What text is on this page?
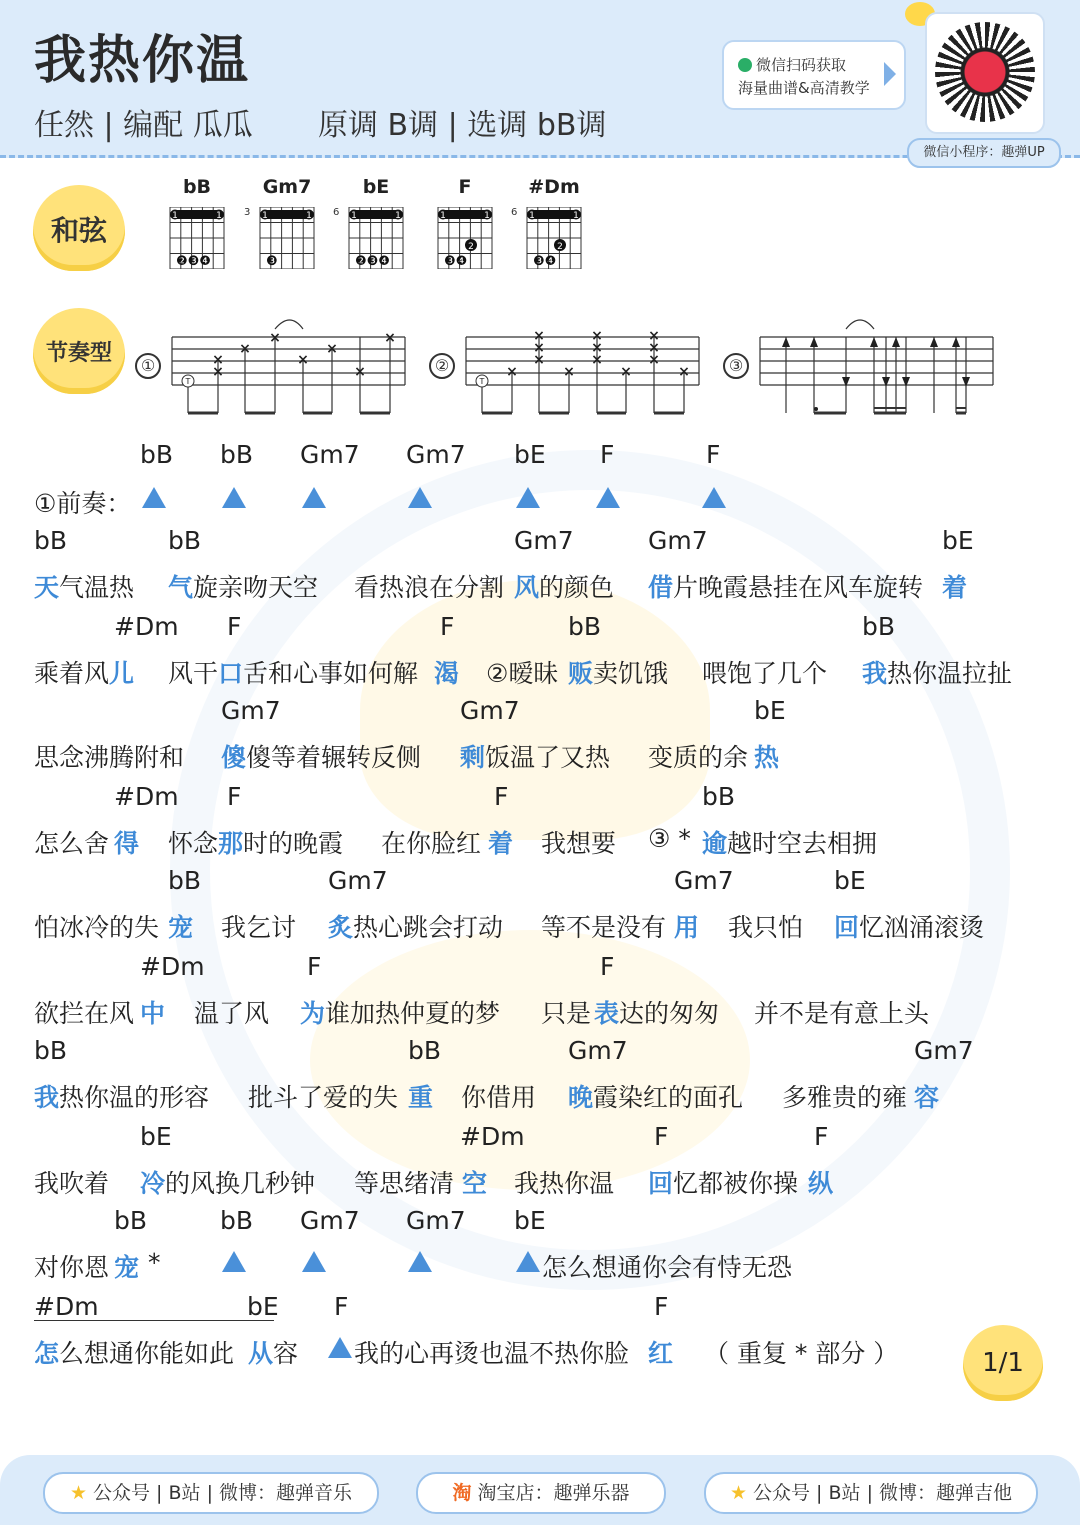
我热你温
任然 | 编配 瓜瓜 原调 B调 | 选调 bB调
微信扫码获取
海量曲谱&高清教学
微信小程序：趣弹UP
和弦
bB
1	1
❷❸❹
Gm7
3 1	1
❸
bE
6 1	1
❷❸❹
F
1	1
2
❸❹
#Dm
6 1	1
2
❸❹
节奏型	①	②	③
×
×
×
×
×
×
×	×	×
×
×
×
×
×
×
×
×
×
×
×
×
T	T
bB bB Gm7 Gm7 bE F	F
①前奏：
bB	bB	Gm7	Gm7	bE
天 气温热 气 旋亲吻天空 看热浪在分割 风 的颜色 借 片晚霞悬挂在风车旋转 着
#Dm F	F	bB	bB
乘着风 儿 风干 口 舌和心事如何解 渴 ②暧昧 贩 卖饥饿 喂饱了几个 我 热你温拉扯
Gm7	Gm7	bE
思念沸腾附和 傻 傻等着辗转反侧 剩 饭温了又热 变质的余 热
#Dm F	F	bB
怎么舍 得 怀念 那 时的晚霞 在你脸红 着 我想要 ③ * 逾 越时空去相拥
bB	Gm7	Gm7	bE
怕冰冷的失 宠 我乞讨 炙 热心跳会打动 等不是没有 用 我只怕 回 忆汹涌滚烫
#Dm	F	F
欲拦在风 中 温了风 为 谁加热仲夏的梦 只是 表 达的匆匆 并不是有意上头
bB	bB	Gm7	Gm7
我 热你温的形容 批斗了爱的失 重 你借用 晚 霞染红的面孔 多雅贵的雍 容
bE	#Dm	F	F
我吹着 冷 的风换几秒钟 等思绪清 空 我热你温 回 忆都被你操 纵
bB	bB Gm7 Gm7 bE
对你恩 宠 *	怎么想通你会有恃无恐
#Dm	bE F	F
怎 么想通你能如此 从 容 我的心再烫也温不热你脸 红 （ 重复 * 部分 ）	1/1
★ 公众号 | B站 | 微博：趣弹音乐	淘 淘宝店：趣弹乐器	★ 公众号 | B站 | 微博：趣弹吉他
